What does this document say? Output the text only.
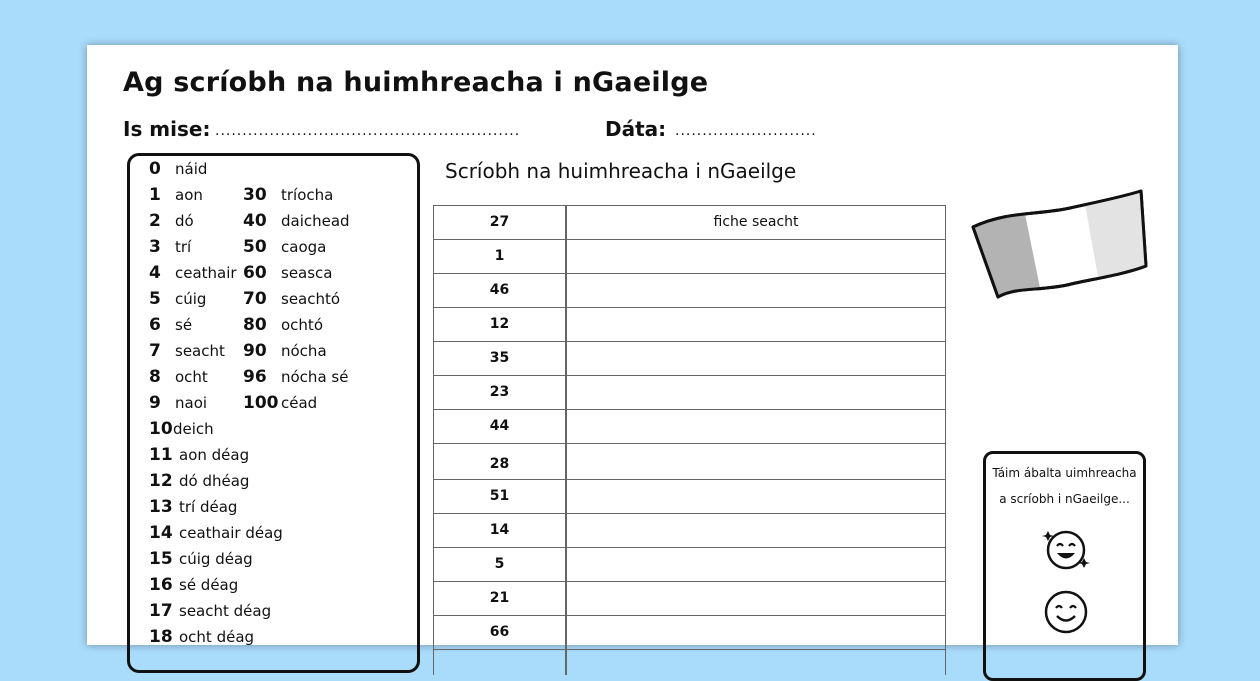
Ag scríobh na huimhreacha i nGaeilge
Is mise: ........................................................	Dáta: ..........................
0 náid
1 aon
2 dó
3 trí
4 ceathair
5 cúig
6 sé
7 seacht
8 ocht
9 naoi
10 deich
11 aon déag
12 dó dhéag
13 trí déag
14 ceathair déag
15 cúig déag
16 sé déag
17 seacht déag
18 ocht déag
30 tríocha
40 daichead
50 caoga
60 seasca
70 seachtó
80 ochtó
90 nócha
96 nócha sé
100 céad
Scríobh na huimhreacha i nGaeilge
27	fiche seacht
1
46
12
35
23
44
28
51
14
5
21
66
Táim ábalta uimhreacha
a scríobh i nGaeilge...
